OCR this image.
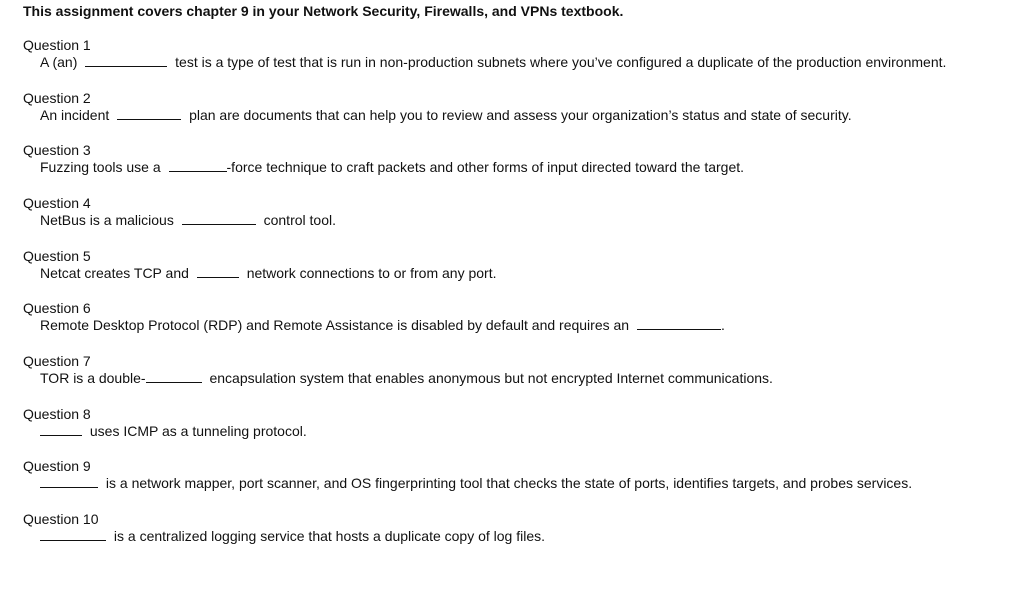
This assignment covers chapter 9 in your Network Security, Firewalls, and VPNs textbook.
Question 1
A (an)	test is a type of test that is run in non-production subnets where you’ve configured a duplicate of the production environment.
Question 2
An incident	plan are documents that can help you to review and assess your organization’s status and state of security.
Question 3
Fuzzing tools use a	-force technique to craft packets and other forms of input directed toward the target.
Question 4
NetBus is a malicious	control tool.
Question 5
Netcat creates TCP and	network connections to or from any port.
Question 6
Remote Desktop Protocol (RDP) and Remote Assistance is disabled by default and requires an	.
Question 7
TOR is a double-	encapsulation system that enables anonymous but not encrypted Internet communications.
Question 8
uses ICMP as a tunneling protocol.
Question 9
is a network mapper, port scanner, and OS fingerprinting tool that checks the state of ports, identifies targets, and probes services.
Question 10
is a centralized logging service that hosts a duplicate copy of log files.
